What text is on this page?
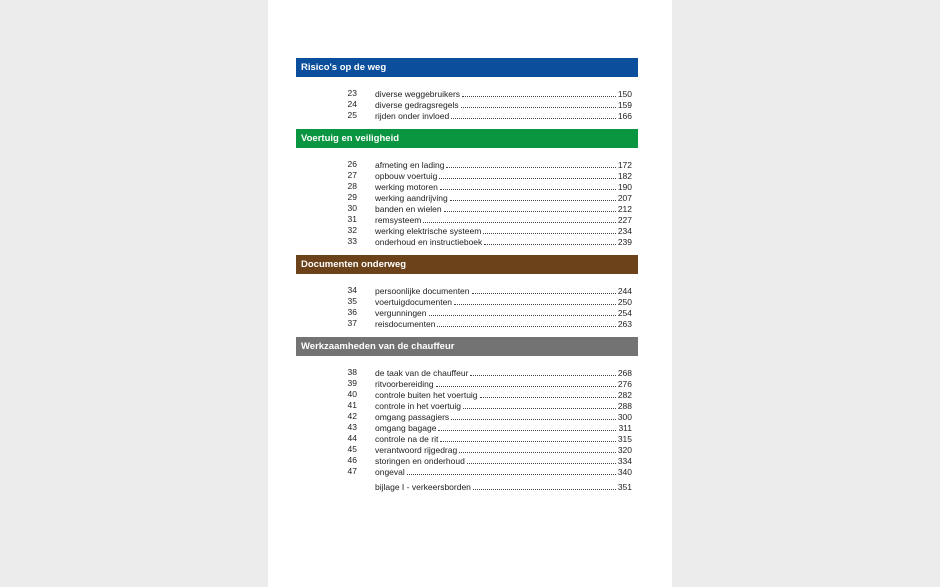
Risico's op de weg
23 diverse weggebruikers	150
24 diverse gedragsregels	159
25 rijden onder invloed	166
Voertuig en veiligheid
26 afmeting en lading	172
27 opbouw voertuig	182
28 werking motoren	190
29 werking aandrijving	207
30 banden en wielen	212
31 remsysteem	227
32 werking elektrische systeem	234
33 onderhoud en instructieboek	239
Documenten onderweg
34 persoonlijke documenten	244
35 voertuigdocumenten	250
36 vergunningen	254
37 reisdocumenten	263
Werkzaamheden van de chauffeur
38 de taak van de chauffeur	268
39 ritvoorbereiding	276
40 controle buiten het voertuig	282
41 controle in het voertuig	288
42 omgang passagiers	300
43 omgang bagage	311
44 controle na de rit	315
45 verantwoord rijgedrag	320
46 storingen en onderhoud	334
47 ongeval	340
bijlage I - verkeersborden	351
